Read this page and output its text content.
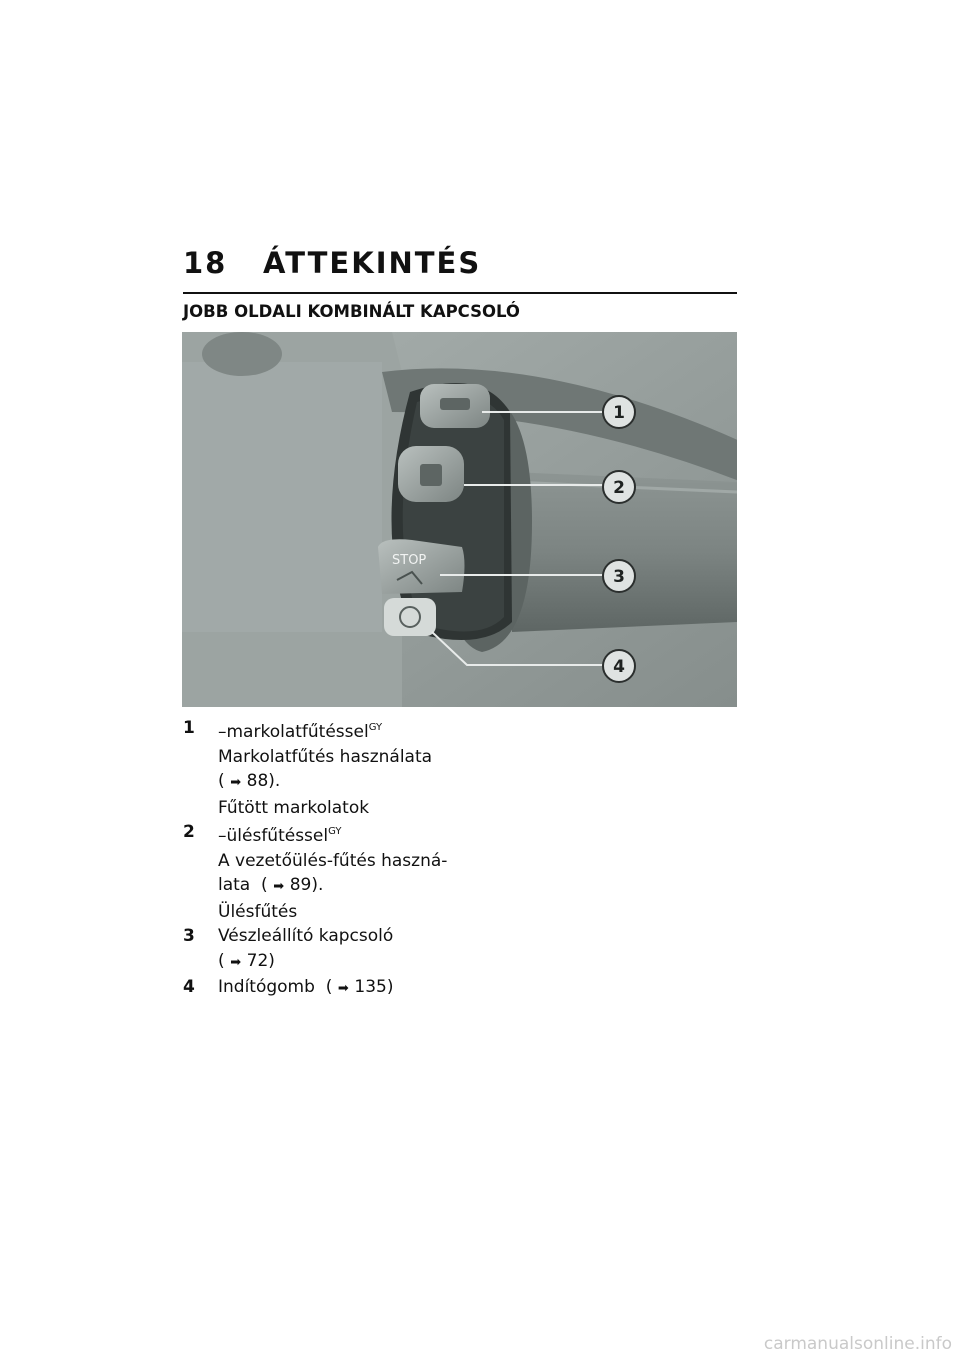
18 ÁTTEKINTÉS
JOBB OLDALI KOMBINÁLT KAPCSOLÓ
STOP
1
2
3
4
1	–markolatfűtéssel$^{GY}$
Markolatfűtés használata
( ➡ 88).
Fűtött markolatok
2	–ülésfűtéssel$^{GY}$
A vezetőülés-fűtés haszná-
lata  ( ➡ 89).
Ülésfűtés
3	Vészleállító kapcsoló
( ➡ 72)
4	Indítógomb  ( ➡ 135)
carmanualsonline.info
